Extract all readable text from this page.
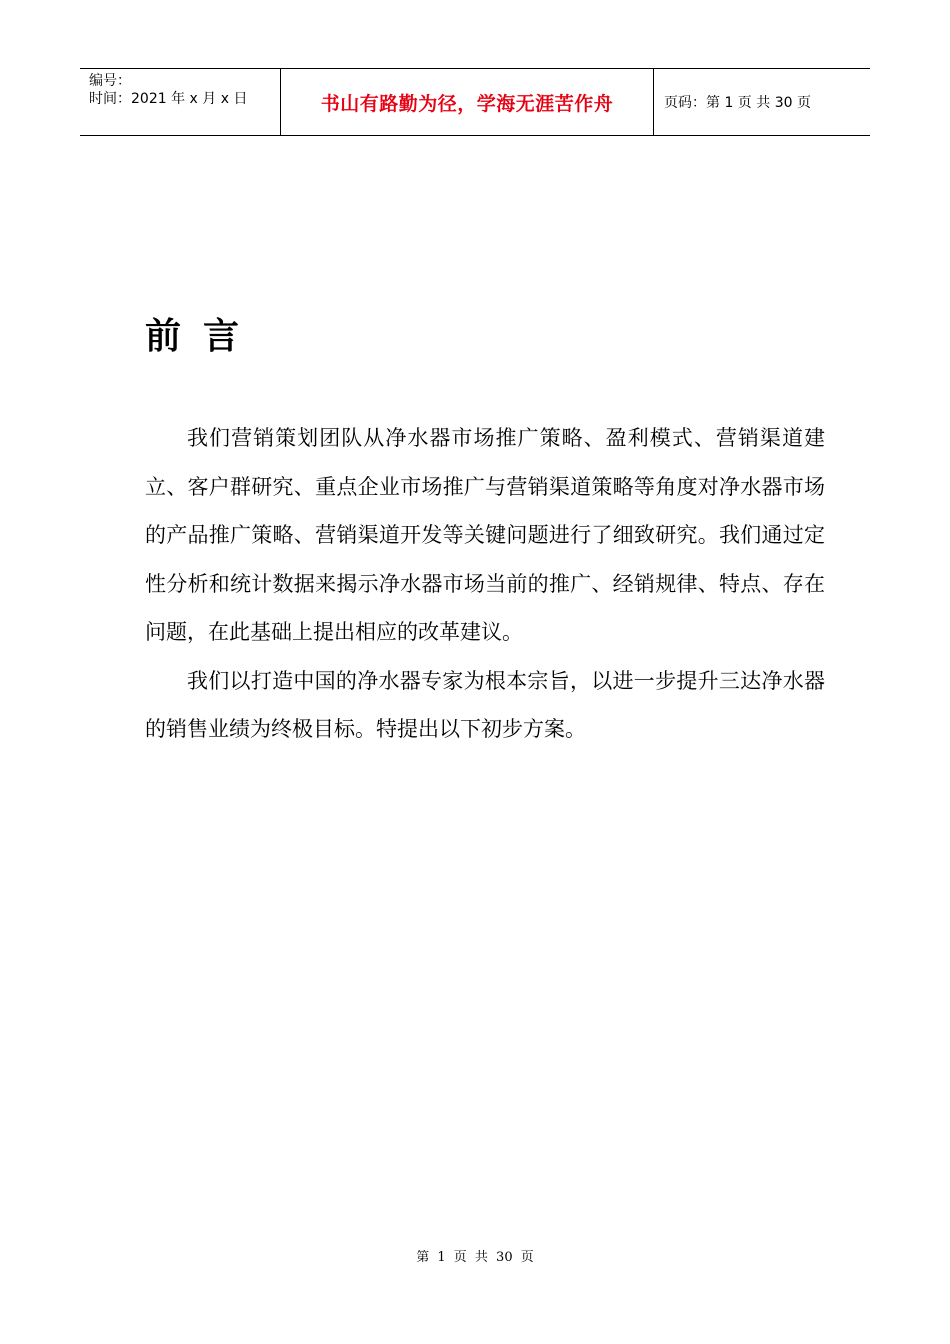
编号：
时间：2021 年 x 月 x 日	书山有路勤为径，学海无涯苦作舟	页码：第 1 页 共 30 页
前言

我们营销策划团队从净水器市场推广策略、盈利模式、营销渠道建立、客户群研究、重点企业市场推广与营销渠道策略等角度对净水器市场的产品推广策略、营销渠道开发等关键问题进行了细致研究。我们通过定性分析和统计数据来揭示净水器市场当前的推广、经销规律、特点、存在问题，在此基础上提出相应的改革建议。

我们以打造中国的净水器专家为根本宗旨，以进一步提升三达净水器的销售业绩为终极目标。特提出以下初步方案。

第 1 页 共 30 页
